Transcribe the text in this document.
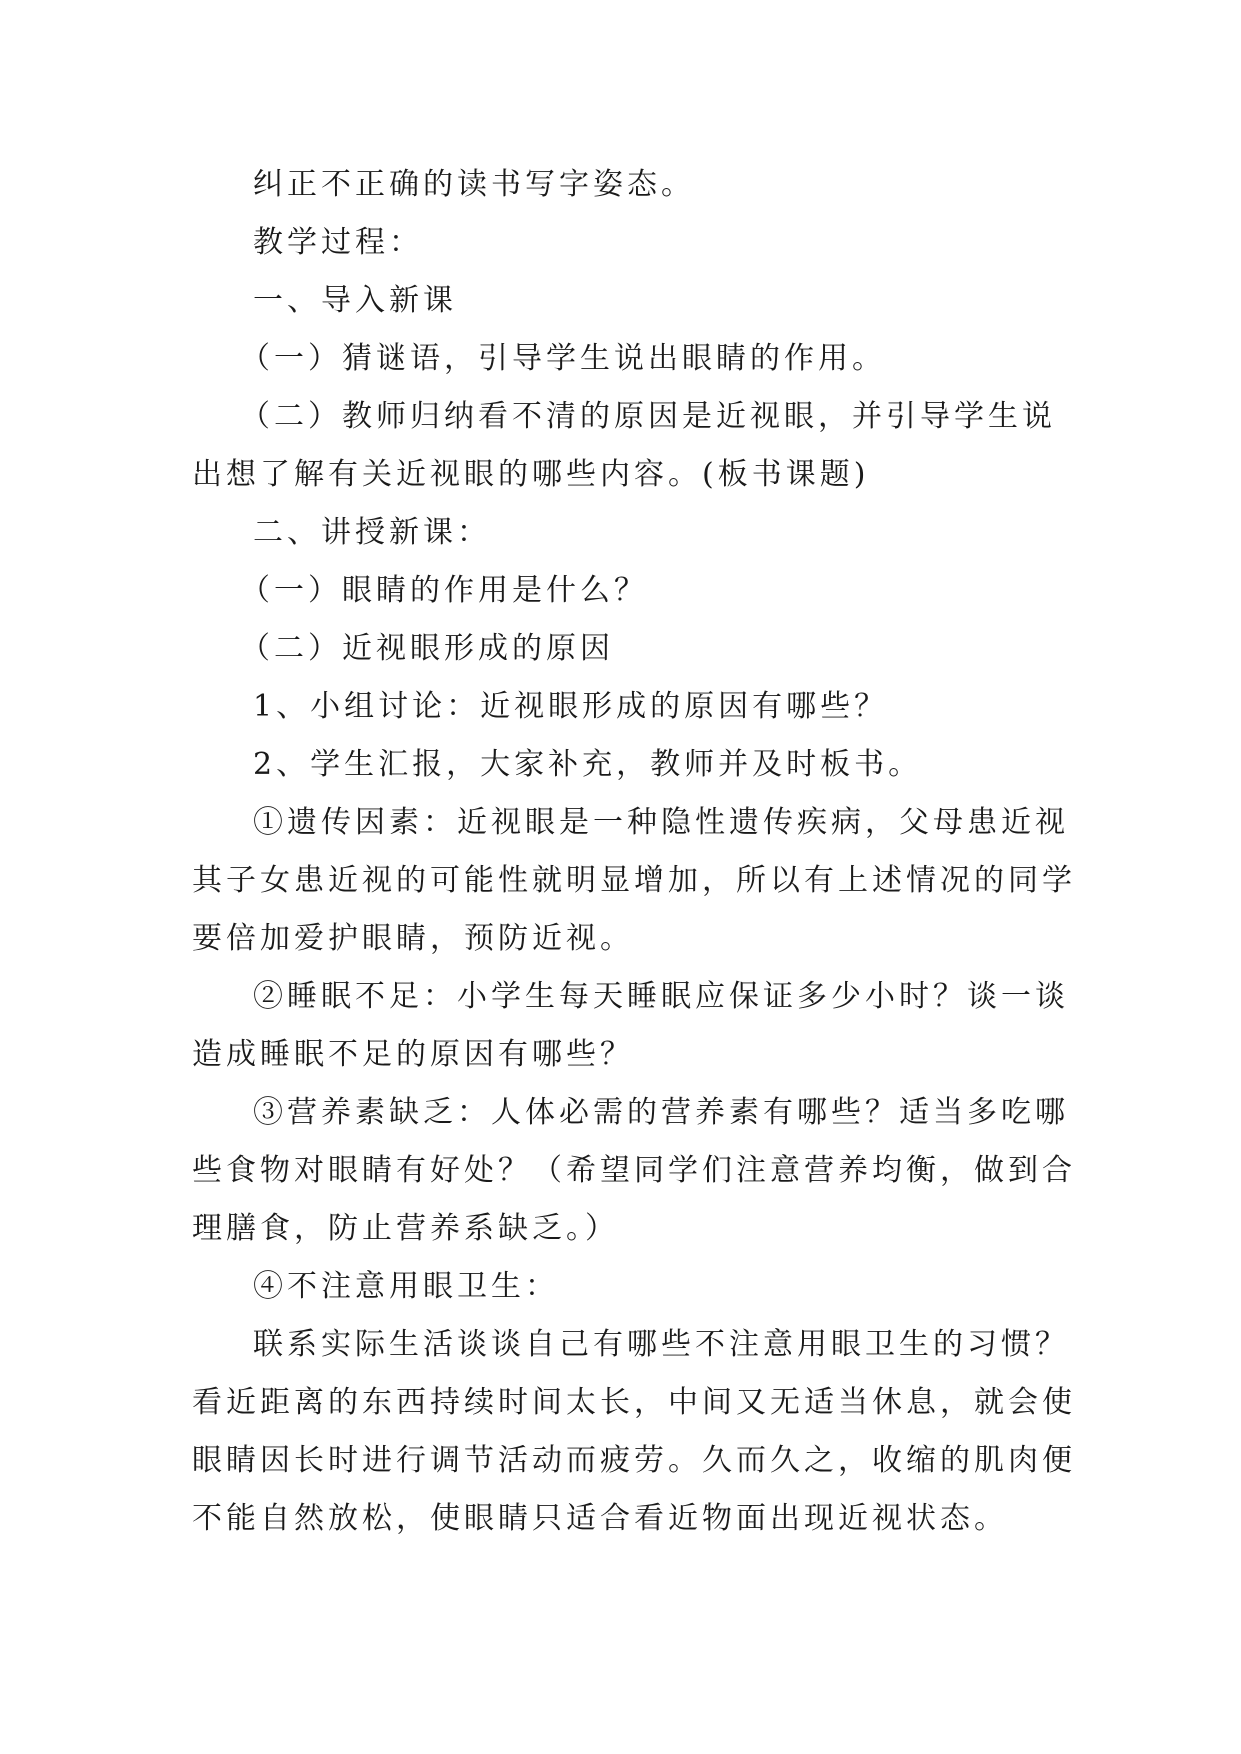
纠正不正确的读书写字姿态。

教学过程：

一、导入新课

（一）猜谜语，引导学生说出眼睛的作用。

（二）教师归纳看不清的原因是近视眼，并引导学生说

出想了解有关近视眼的哪些内容。(板书课题)

二、讲授新课：

（一）眼睛的作用是什么？

（二）近视眼形成的原因

1、小组讨论：近视眼形成的原因有哪些？

2、学生汇报，大家补充，教师并及时板书。

①遗传因素：近视眼是一种隐性遗传疾病，父母患近视

其子女患近视的可能性就明显增加，所以有上述情况的同学

要倍加爱护眼睛，预防近视。

②睡眠不足：小学生每天睡眠应保证多少小时？谈一谈

造成睡眠不足的原因有哪些？

③营养素缺乏：人体必需的营养素有哪些？适当多吃哪

些食物对眼睛有好处？（希望同学们注意营养均衡，做到合

理膳食，防止营养系缺乏。）

④不注意用眼卫生：

联系实际生活谈谈自己有哪些不注意用眼卫生的习惯？

看近距离的东西持续时间太长，中间又无适当休息，就会使

眼睛因长时进行调节活动而疲劳。久而久之，收缩的肌肉便

不能自然放松，使眼睛只适合看近物面出现近视状态。
